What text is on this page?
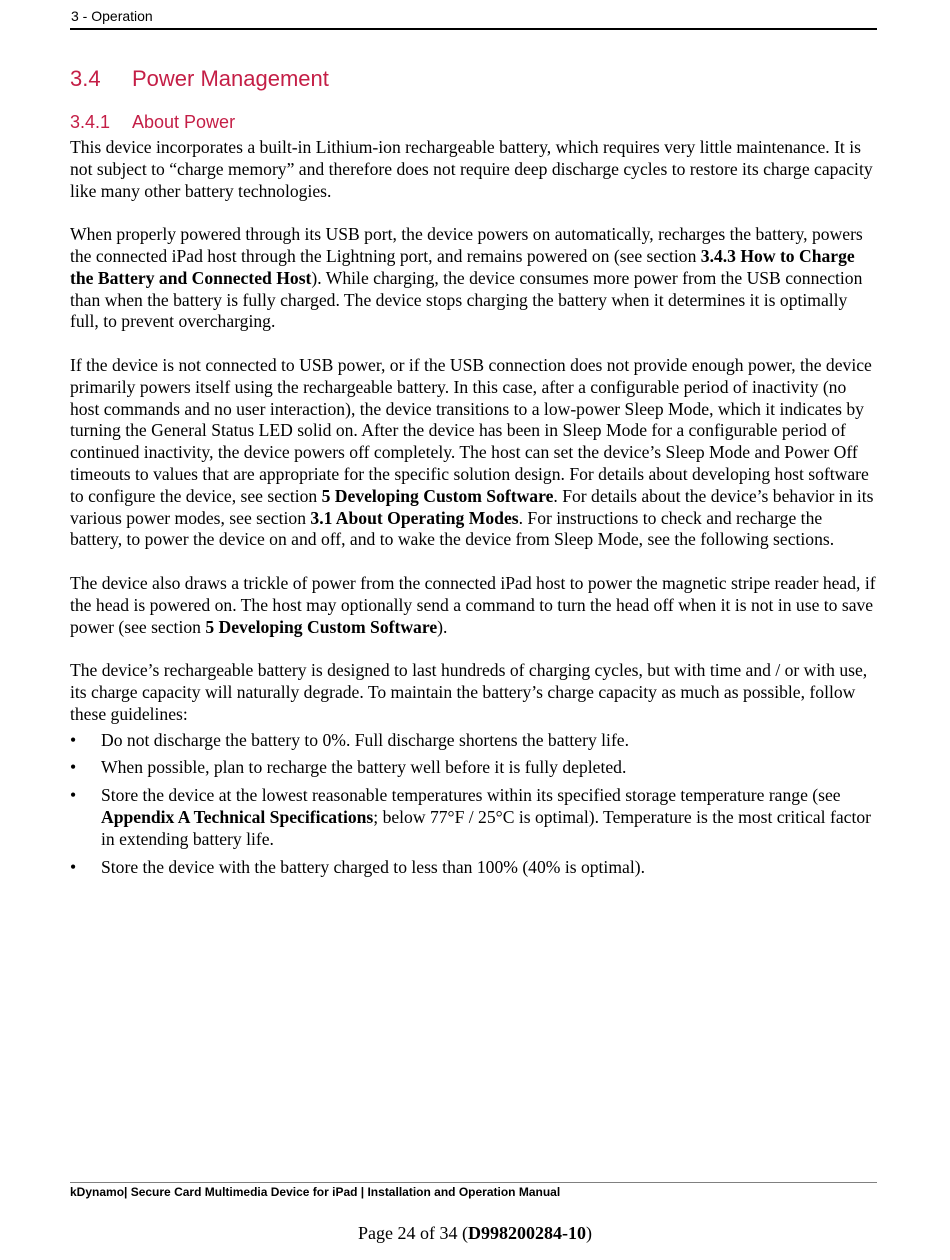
3 - Operation
3.4 Power Management
3.4.1 About Power

This device incorporates a built-in Lithium-ion rechargeable battery, which requires very little maintenance. It is not subject to “charge memory” and therefore does not require deep discharge cycles to restore its charge capacity like many other battery technologies.

When properly powered through its USB port, the device powers on automatically, recharges the battery, powers the connected iPad host through the Lightning port, and remains powered on (see section 3.4.3 How to Charge the Battery and Connected Host). While charging, the device consumes more power from the USB connection than when the battery is fully charged. The device stops charging the battery when it determines it is optimally full, to prevent overcharging.

If the device is not connected to USB power, or if the USB connection does not provide enough power, the device primarily powers itself using the rechargeable battery. In this case, after a configurable period of inactivity (no host commands and no user interaction), the device transitions to a low-power Sleep Mode, which it indicates by turning the General Status LED solid on. After the device has been in Sleep Mode for a configurable period of continued inactivity, the device powers off completely. The host can set the device’s Sleep Mode and Power Off timeouts to values that are appropriate for the specific solution design. For details about developing host software to configure the device, see section 5 Developing Custom Software. For details about the device’s behavior in its various power modes, see section 3.1 About Operating Modes. For instructions to check and recharge the battery, to power the device on and off, and to wake the device from Sleep Mode, see the following sections.

The device also draws a trickle of power from the connected iPad host to power the magnetic stripe reader head, if the head is powered on. The host may optionally send a command to turn the head off when it is not in use to save power (see section 5 Developing Custom Software).

The device’s rechargeable battery is designed to last hundreds of charging cycles, but with time and / or with use, its charge capacity will naturally degrade. To maintain the battery’s charge capacity as much as possible, follow these guidelines:

• Do not discharge the battery to 0%. Full discharge shortens the battery life.
• When possible, plan to recharge the battery well before it is fully depleted.
• Store the device at the lowest reasonable temperatures within its specified storage temperature range (see Appendix A Technical Specifications; below 77°F / 25°C is optimal). Temperature is the most critical factor in extending battery life.
• Store the device with the battery charged to less than 100% (40% is optimal).
kDynamo| Secure Card Multimedia Device for iPad | Installation and Operation Manual
Page 24 of 34 (D998200284-10)
